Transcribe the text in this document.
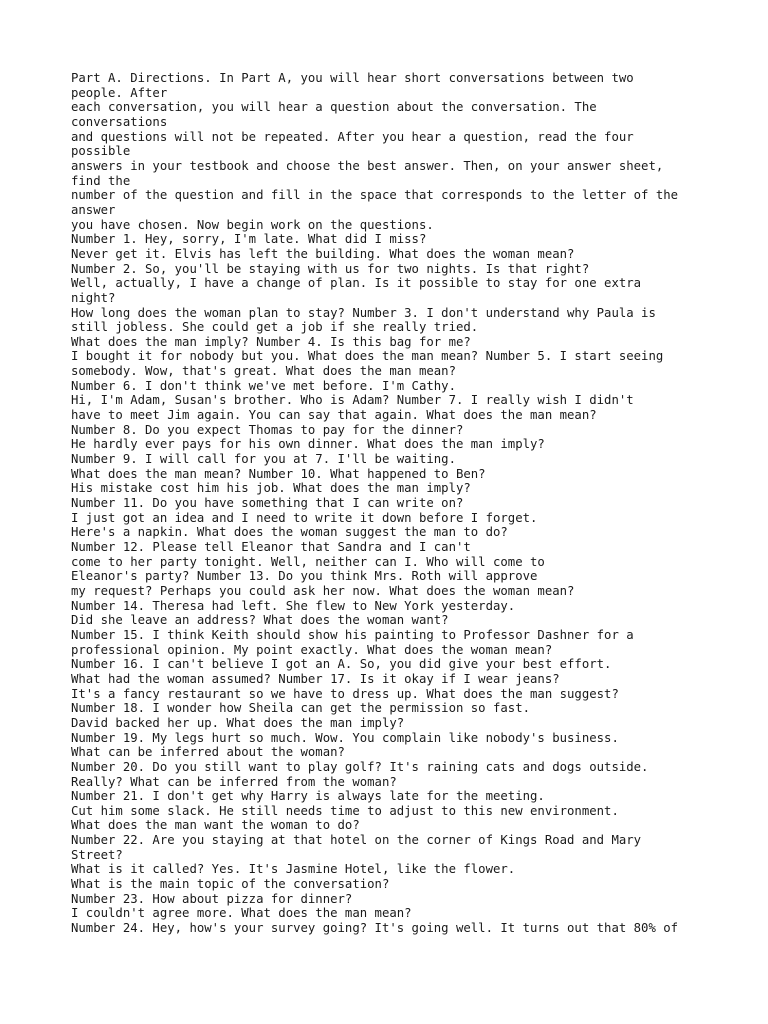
Part A. Directions. In Part A, you will hear short conversations between two
people. After
each conversation, you will hear a question about the conversation. The
conversations
and questions will not be repeated. After you hear a question, read the four
possible
answers in your testbook and choose the best answer. Then, on your answer sheet,
find the
number of the question and fill in the space that corresponds to the letter of the
answer
you have chosen. Now begin work on the questions.
Number 1. Hey, sorry, I'm late. What did I miss?
Never get it. Elvis has left the building. What does the woman mean?
Number 2. So, you'll be staying with us for two nights. Is that right?
Well, actually, I have a change of plan. Is it possible to stay for one extra
night?
How long does the woman plan to stay? Number 3. I don't understand why Paula is
still jobless. She could get a job if she really tried.
What does the man imply? Number 4. Is this bag for me?
I bought it for nobody but you. What does the man mean? Number 5. I start seeing
somebody. Wow, that's great. What does the man mean?
Number 6. I don't think we've met before. I'm Cathy.
Hi, I'm Adam, Susan's brother. Who is Adam? Number 7. I really wish I didn't
have to meet Jim again. You can say that again. What does the man mean?
Number 8. Do you expect Thomas to pay for the dinner?
He hardly ever pays for his own dinner. What does the man imply?
Number 9. I will call for you at 7. I'll be waiting.
What does the man mean? Number 10. What happened to Ben?
His mistake cost him his job. What does the man imply?
Number 11. Do you have something that I can write on?
I just got an idea and I need to write it down before I forget.
Here's a napkin. What does the woman suggest the man to do?
Number 12. Please tell Eleanor that Sandra and I can't
come to her party tonight. Well, neither can I. Who will come to
Eleanor's party? Number 13. Do you think Mrs. Roth will approve
my request? Perhaps you could ask her now. What does the woman mean?
Number 14. Theresa had left. She flew to New York yesterday.
Did she leave an address? What does the woman want?
Number 15. I think Keith should show his painting to Professor Dashner for a
professional opinion. My point exactly. What does the woman mean?
Number 16. I can't believe I got an A. So, you did give your best effort.
What had the woman assumed? Number 17. Is it okay if I wear jeans?
It's a fancy restaurant so we have to dress up. What does the man suggest?
Number 18. I wonder how Sheila can get the permission so fast.
David backed her up. What does the man imply?
Number 19. My legs hurt so much. Wow. You complain like nobody's business.
What can be inferred about the woman?
Number 20. Do you still want to play golf? It's raining cats and dogs outside.
Really? What can be inferred from the woman?
Number 21. I don't get why Harry is always late for the meeting.
Cut him some slack. He still needs time to adjust to this new environment.
What does the man want the woman to do?
Number 22. Are you staying at that hotel on the corner of Kings Road and Mary
Street?
What is it called? Yes. It's Jasmine Hotel, like the flower.
What is the main topic of the conversation?
Number 23. How about pizza for dinner?
I couldn't agree more. What does the man mean?
Number 24. Hey, how's your survey going? It's going well. It turns out that 80% of
